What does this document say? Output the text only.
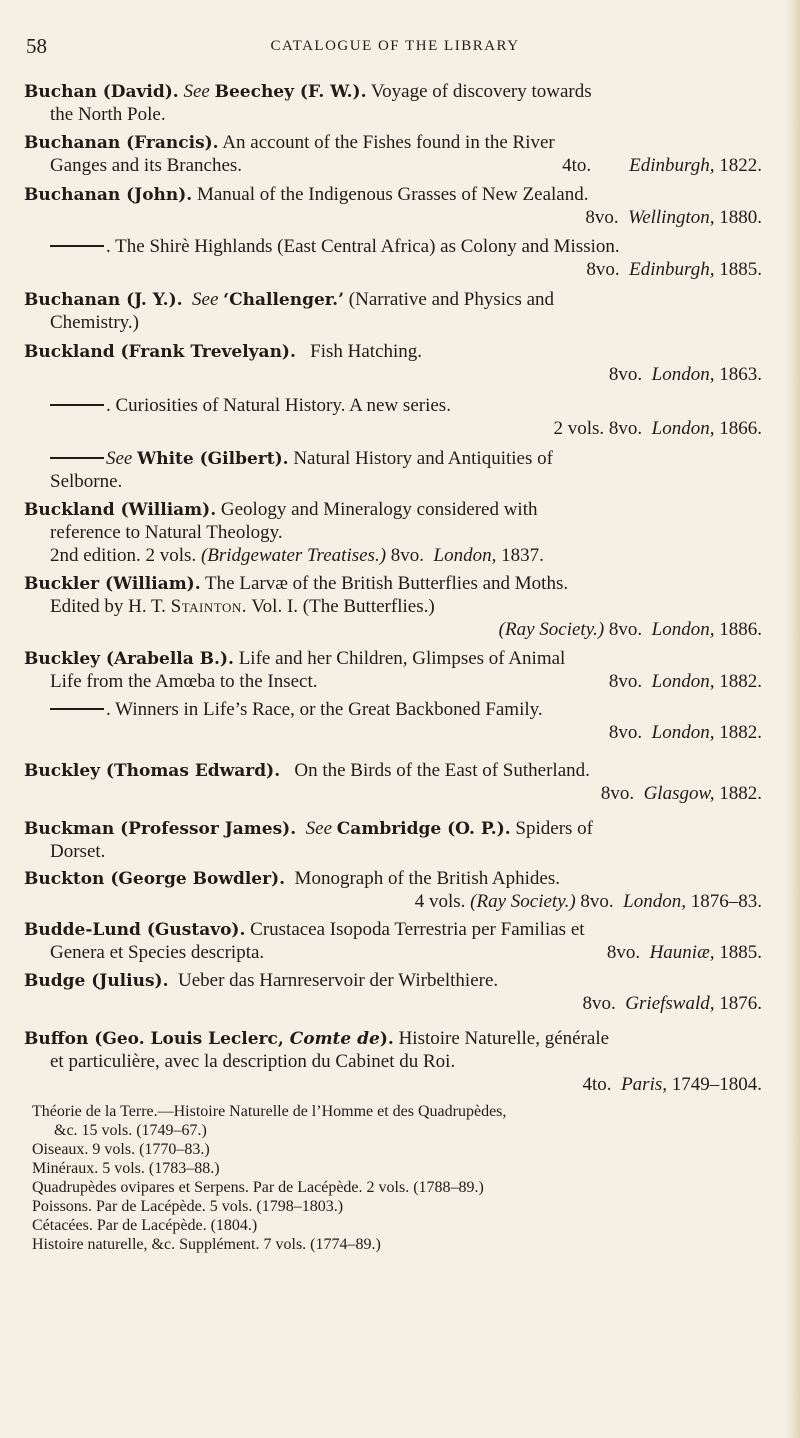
58	CATALOGUE OF THE LIBRARY
Buchan (David). See Beechey (F. W.). Voyage of discovery towards
the North Pole.
Buchanan (Francis). An account of the Fishes found in the River
Ganges and its Branches.	4to. Edinburgh, 1822.
Buchanan (John). Manual of the Indigenous Grasses of New Zealand.
8vo. Wellington, 1880.
. The Shirè Highlands (East Central Africa) as Colony and Mission.
8vo. Edinburgh, 1885.
Buchanan (J. Y.). See ‘Challenger.’ (Narrative and Physics and
Chemistry.)
Buckland (Frank Trevelyan).   Fish Hatching.
8vo. London, 1863.
. Curiosities of Natural History. A new series.
2 vols. 8vo. London, 1866.
See White (Gilbert). Natural History and Antiquities of
Selborne.
Buckland (William). Geology and Mineralogy considered with
reference to Natural Theology.
2nd edition. 2 vols. (Bridgewater Treatises.) 8vo. London, 1837.
Buckler (William). The Larvæ of the British Butterflies and Moths.
Edited by H. T. Stainton. Vol. I. (The Butterflies.)
(Ray Society.) 8vo. London, 1886.
Buckley (Arabella B.). Life and her Children, Glimpses of Animal
Life from the Amœba to the Insect.	8vo. London, 1882.
. Winners in Life’s Race, or the Great Backboned Family.
8vo. London, 1882.
Buckley (Thomas Edward).   On the Birds of the East of Sutherland.
8vo. Glasgow, 1882.
Buckman (Professor James). See Cambridge (O. P.). Spiders of
Dorset.
Buckton (George Bowdler).  Monograph of the British Aphides.
4 vols. (Ray Society.) 8vo. London, 1876–83.
Budde-Lund (Gustavo). Crustacea Isopoda Terrestria per Familias et
Genera et Species descripta.	8vo. Hauniæ, 1885.
Budge (Julius).  Ueber das Harnreservoir der Wirbelthiere.
8vo. Griefswald, 1876.
Buffon (Geo. Louis Leclerc, Comte de). Histoire Naturelle, générale
et particulière, avec la description du Cabinet du Roi.
4to. Paris, 1749–1804.
Théorie de la Terre.—Histoire Naturelle de l’Homme et des Quadrupèdes,
&c. 15 vols. (1749–67.)
Oiseaux. 9 vols. (1770–83.)
Minéraux. 5 vols. (1783–88.)
Quadrupèdes ovipares et Serpens. Par de Lacépède. 2 vols. (1788–89.)
Poissons. Par de Lacépède. 5 vols. (1798–1803.)
Cétacées. Par de Lacépède. (1804.)
Histoire naturelle, &c. Supplément. 7 vols. (1774–89.)
